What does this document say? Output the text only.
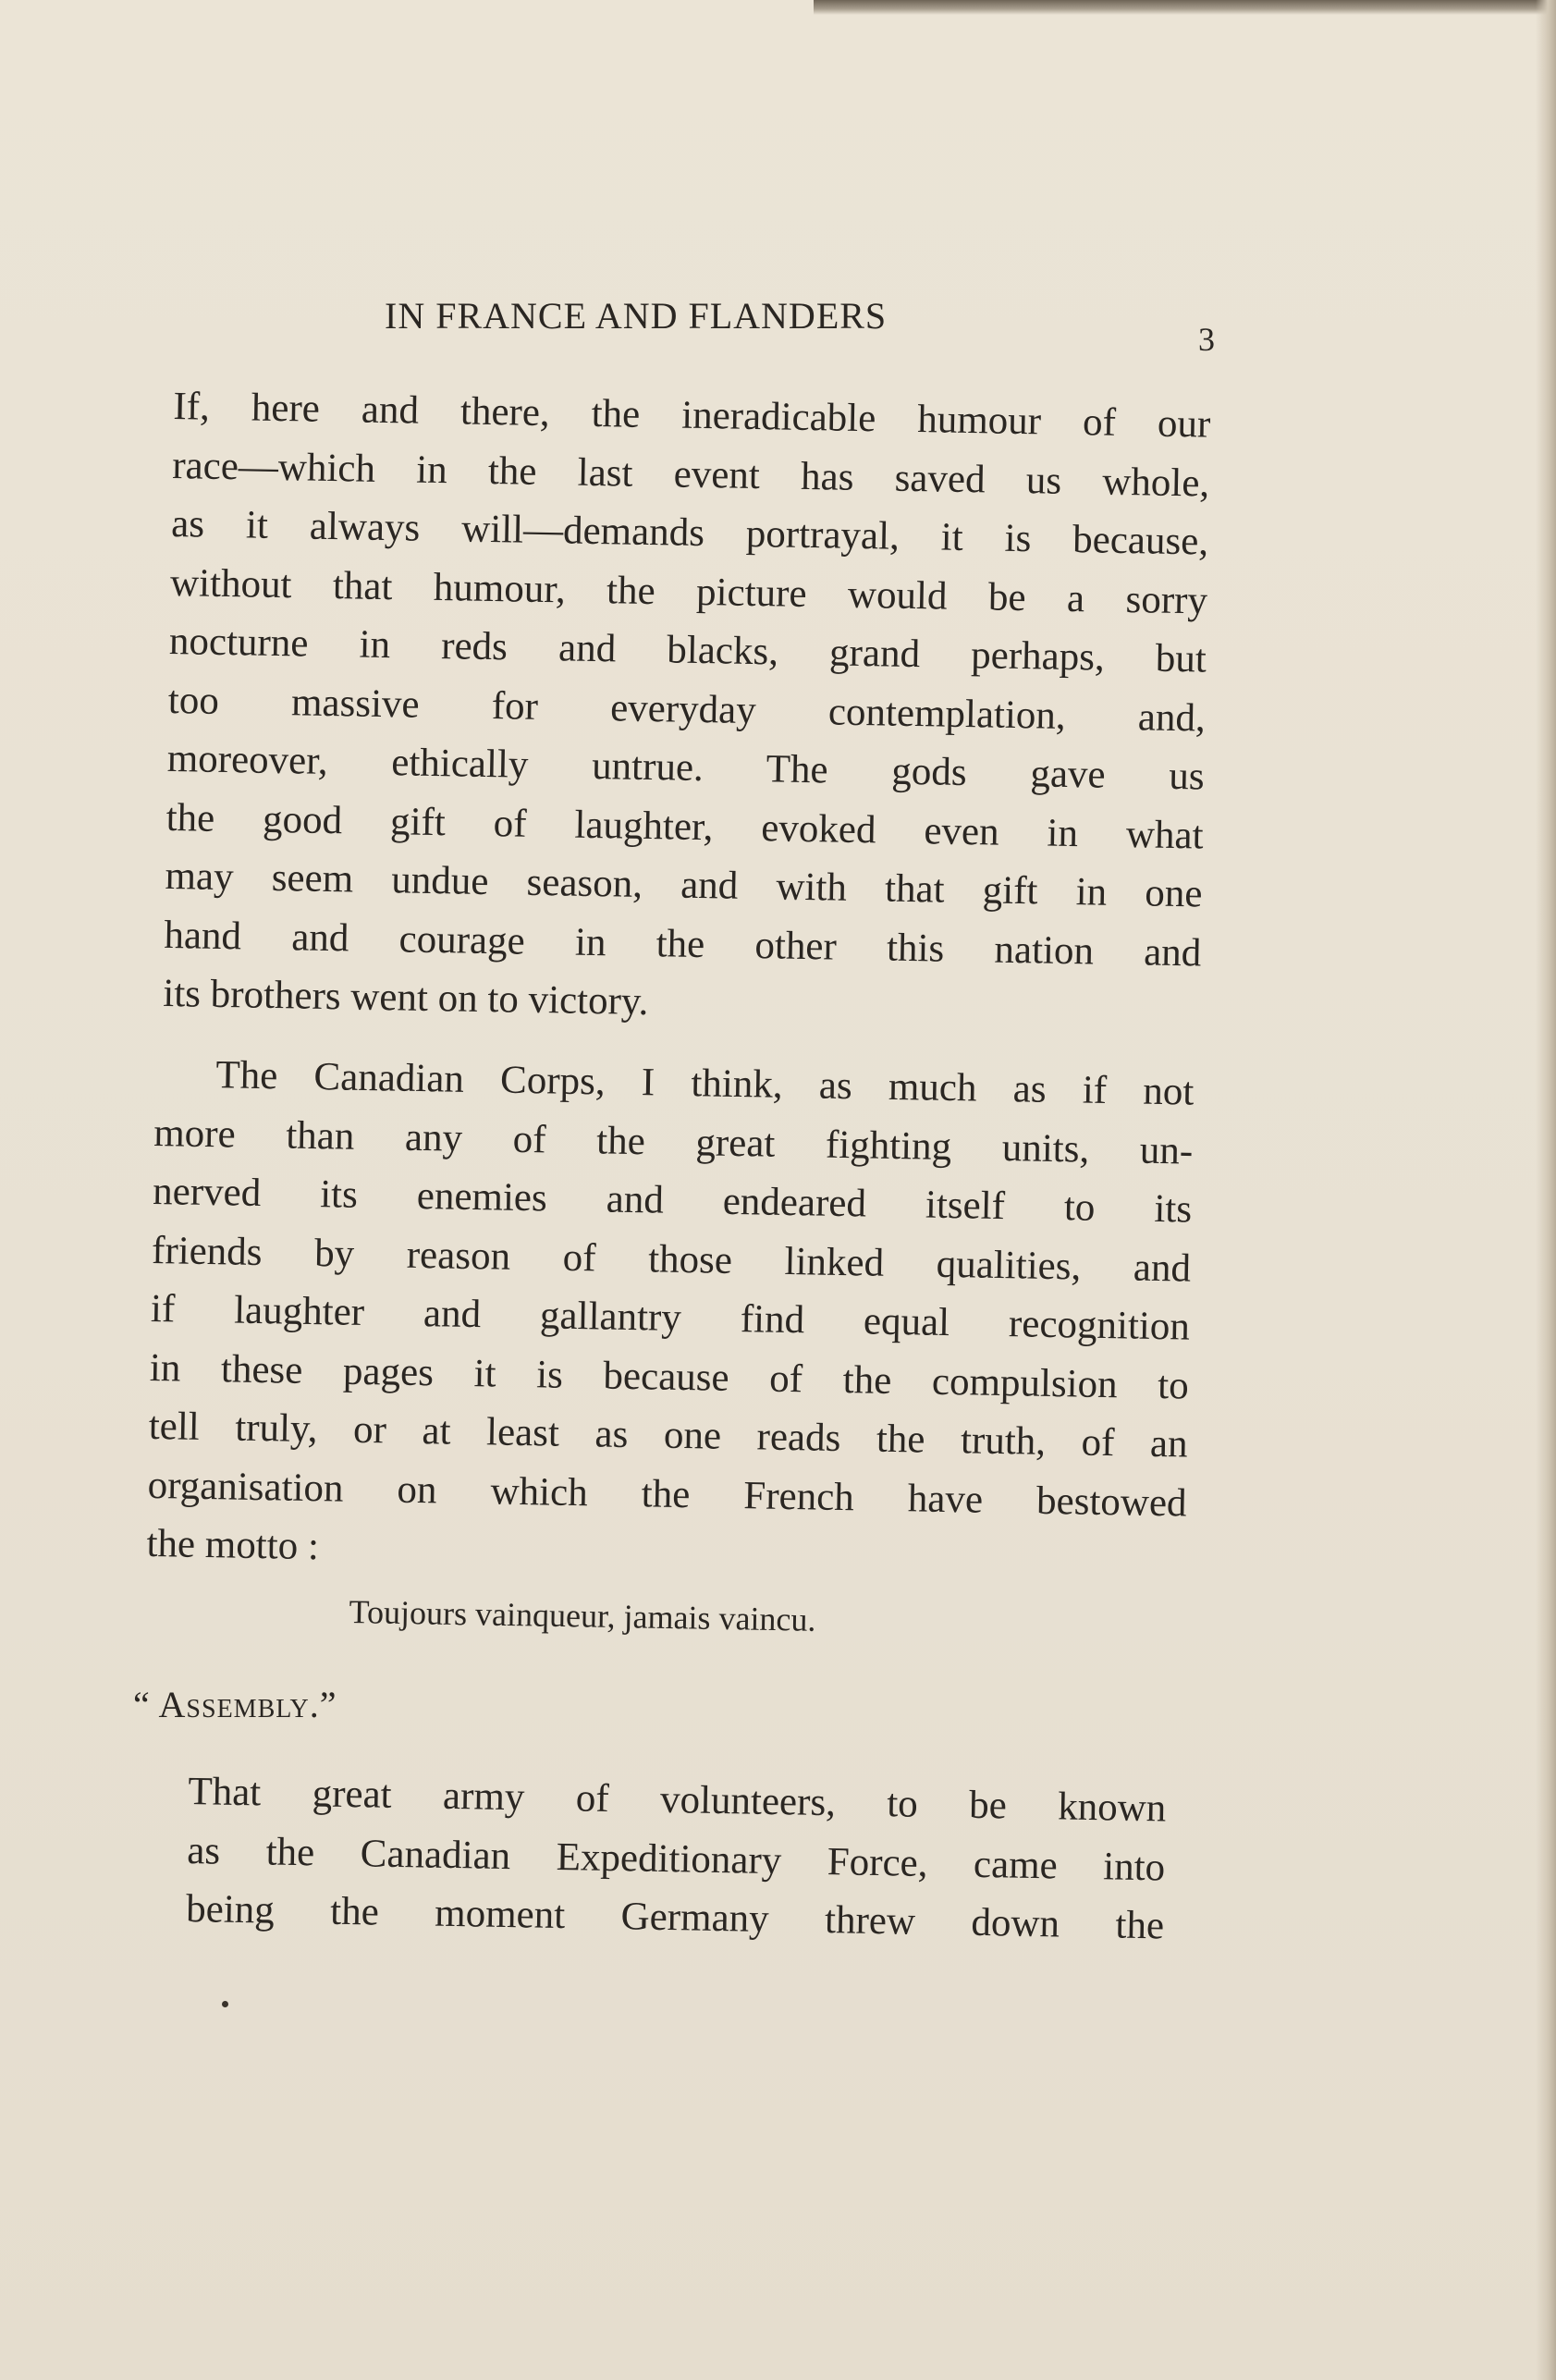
IN FRANCE AND FLANDERS
3
If, here and there, the ineradicable humour of our
race—which in the last event has saved us whole,
as it always will—demands portrayal, it is because,
without that humour, the picture would be a sorry
nocturne in reds and blacks, grand perhaps, but
too massive for everyday contemplation, and,
moreover, ethically untrue. The gods gave us
the good gift of laughter, evoked even in what
may seem undue season, and with that gift in one
hand and courage in the other this nation and
its brothers went on to victory.
The Canadian Corps, I think, as much as if not
more than any of the great fighting units, un-
nerved its enemies and endeared itself to its
friends by reason of those linked qualities, and
if laughter and gallantry find equal recognition
in these pages it is because of the compulsion to
tell truly, or at least as one reads the truth, of an
organisation on which the French have bestowed
the motto :
Toujours vainqueur, jamais vaincu.
“ Assembly.”
That great army of volunteers, to be known
as the Canadian Expeditionary Force, came into
being the moment Germany threw down the
